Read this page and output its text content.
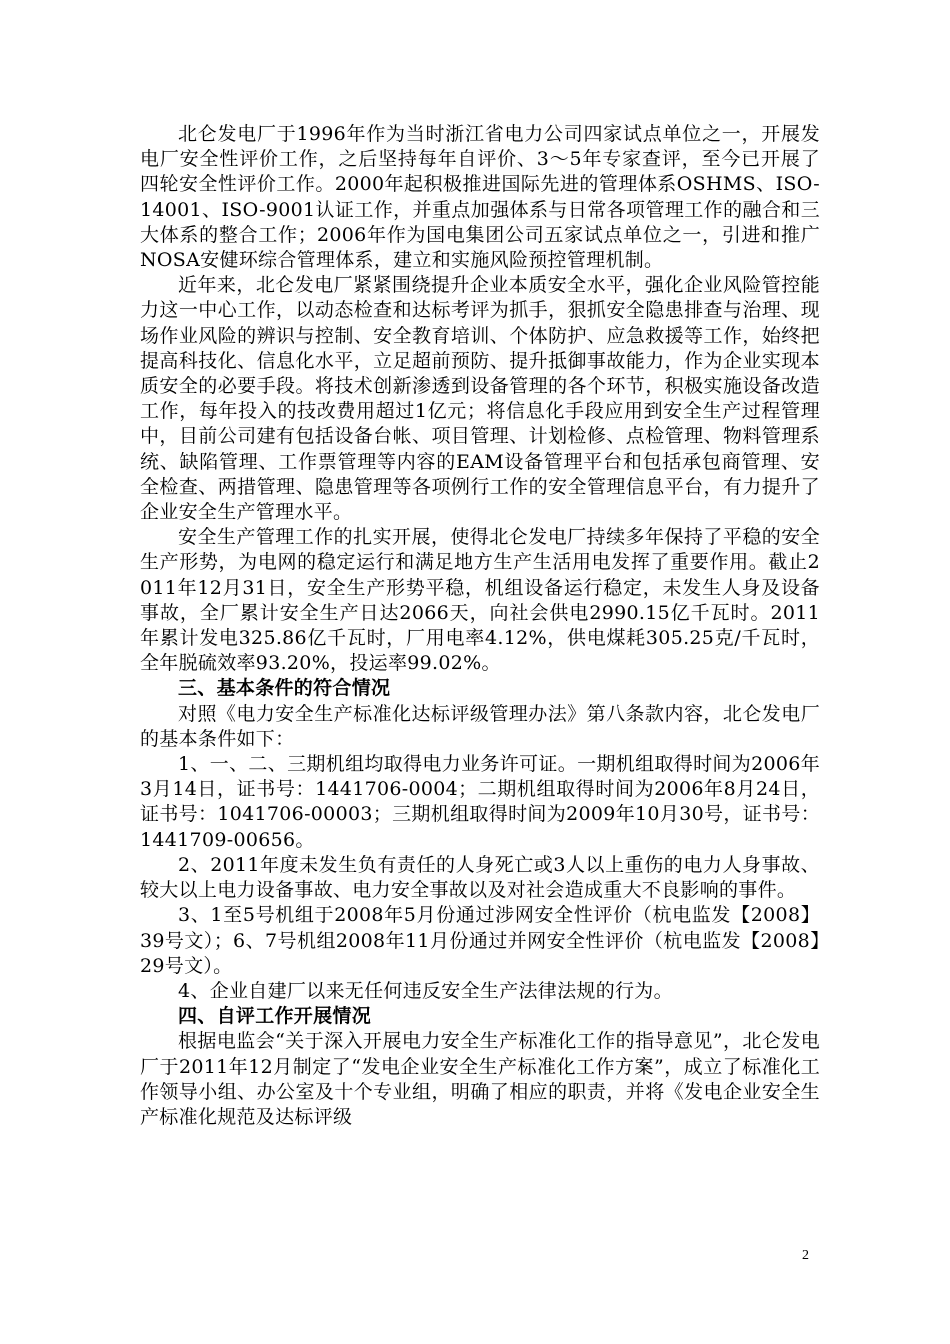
北仑发电厂于1996年作为当时浙江省电力公司四家试点单位之一，开展发电厂安全性评价工作，之后坚持每年自评价、3～5年专家查评，至今已开展了四轮安全性评价工作。2000年起积极推进国际先进的管理体系OSHMS、ISO-14001、ISO-9001认证工作，并重点加强体系与日常各项管理工作的融合和三大体系的整合工作；2006年作为国电集团公司五家试点单位之一，引进和推广NOSA安健环综合管理体系，建立和实施风险预控管理机制。

近年来，北仑发电厂紧紧围绕提升企业本质安全水平，强化企业风险管控能力这一中心工作，以动态检查和达标考评为抓手，狠抓安全隐患排查与治理、现场作业风险的辨识与控制、安全教育培训、个体防护、应急救援等工作，始终把提高科技化、信息化水平，立足超前预防、提升抵御事故能力，作为企业实现本质安全的必要手段。将技术创新渗透到设备管理的各个环节，积极实施设备改造工作，每年投入的技改费用超过1亿元；将信息化手段应用到安全生产过程管理中，目前公司建有包括设备台帐、项目管理、计划检修、点检管理、物料管理系统、缺陷管理、工作票管理等内容的EAM设备管理平台和包括承包商管理、安全检查、两措管理、隐患管理等各项例行工作的安全管理信息平台，有力提升了企业安全生产管理水平。

安全生产管理工作的扎实开展，使得北仑发电厂持续多年保持了平稳的安全生产形势，为电网的稳定运行和满足地方生产生活用电发挥了重要作用。截止2011年12月31日，安全生产形势平稳，机组设备运行稳定，未发生人身及设备事故，全厂累计安全生产日达2066天，向社会供电2990.15亿千瓦时。2011年累计发电325.86亿千瓦时，厂用电率4.12%，供电煤耗305.25克/千瓦时，全年脱硫效率93.20%，投运率99.02%。

三、基本条件的符合情况

对照《电力安全生产标准化达标评级管理办法》第八条款内容，北仑发电厂的基本条件如下：

1、一、二、三期机组均取得电力业务许可证。一期机组取得时间为2006年3月14日，证书号：1441706-0004；二期机组取得时间为2006年8月24日，证书号：1041706-00003；三期机组取得时间为2009年10月30号，证书号：1441709-00656。

2、2011年度未发生负有责任的人身死亡或3人以上重伤的电力人身事故、较大以上电力设备事故、电力安全事故以及对社会造成重大不良影响的事件。

3、1至5号机组于2008年5月份通过涉网安全性评价（杭电监发【2008】39号文）；6、7号机组2008年11月份通过并网安全性评价（杭电监发【2008】29号文）。

4、企业自建厂以来无任何违反安全生产法律法规的行为。

四、自评工作开展情况

根据电监会“关于深入开展电力安全生产标准化工作的指导意见”，北仑发电厂于2011年12月制定了“发电企业安全生产标准化工作方案”，成立了标准化工作领导小组、办公室及十个专业组，明确了相应的职责，并将《发电企业安全生产标准化规范及达标评级

2
